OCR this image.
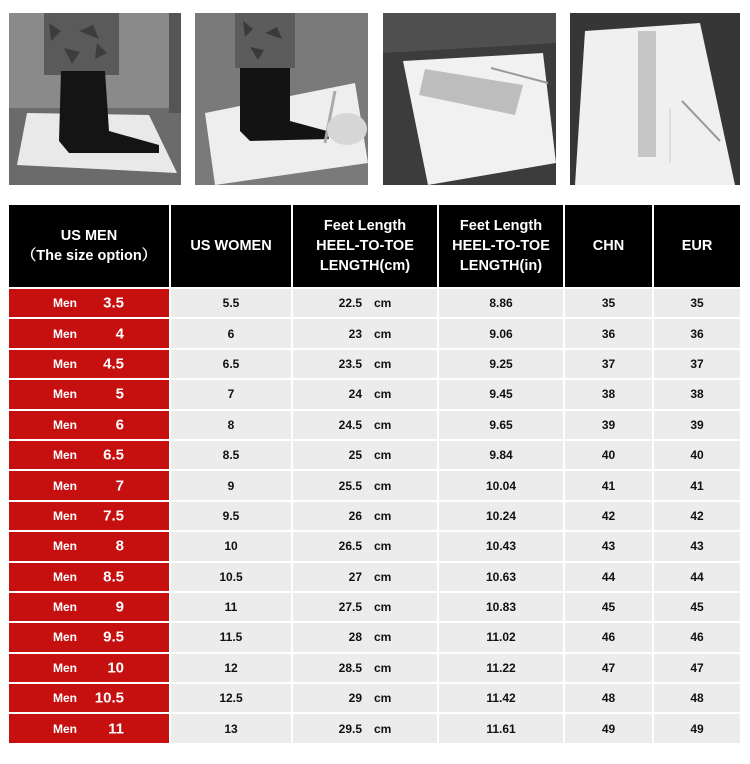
US MEN
（The size option）	US WOMEN	Feet Length
HEEL-TO-TOE
LENGTH(cm)	Feet Length
HEEL-TO-TOE
LENGTH(in)	CHN	EUR

Men 3.5	5.5	22.5 cm	8.86	35	35

Men 4	6	23 cm	9.06	36	36

Men 4.5	6.5	23.5 cm	9.25	37	37

Men 5	7	24 cm	9.45	38	38

Men 6	8	24.5 cm	9.65	39	39

Men 6.5	8.5	25 cm	9.84	40	40

Men 7	9	25.5 cm	10.04	41	41

Men 7.5	9.5	26 cm	10.24	42	42

Men 8	10	26.5 cm	10.43	43	43

Men 8.5	10.5	27 cm	10.63	44	44

Men 9	11	27.5 cm	10.83	45	45

Men 9.5	11.5	28 cm	11.02	46	46

Men 10	12	28.5 cm	11.22	47	47

Men 10.5	12.5	29 cm	11.42	48	48

Men 11	13	29.5 cm	11.61	49	49
